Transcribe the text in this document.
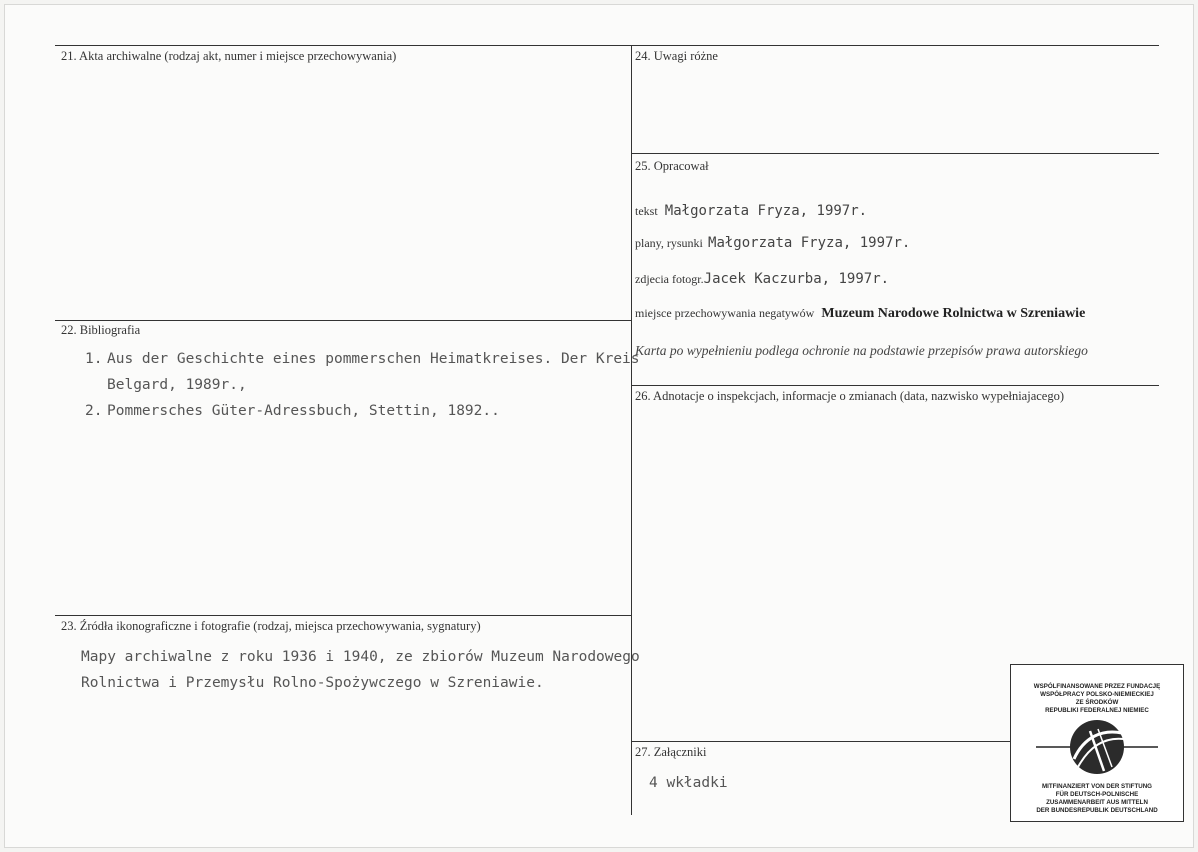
21. Akta archiwalne (rodzaj akt, numer i miejsce przechowywania)
22. Bibliografia
1. Aus der Geschichte eines pommerschen Heimatkreises. Der Kreis
Belgard, 1989r.,
2. Pommersches Güter-Adressbuch, Stettin, 1892..
23. Źródła ikonograficzne i fotografie (rodzaj, miejsca przechowywania, sygnatury)
Mapy archiwalne z roku 1936 i 1940, ze zbiorów Muzeum Narodowego
Rolnictwa i Przemysłu Rolno-Spożywczego w Szreniawie.
24. Uwagi różne
25. Opracował
tekst Małgorzata Fryza, 1997r.
plany, rysunki Małgorzata Fryza, 1997r.
zdjecia fotogr.Jacek Kaczurba, 1997r.
miejsce przechowywania negatywów Muzeum Narodowe Rolnictwa w Szreniawie
Karta po wypełnieniu podlega ochronie na podstawie przepisów prawa autorskiego
26. Adnotacje o inspekcjach, informacje o zmianach (data, nazwisko wypełniajacego)
27. Załączniki
4 wkładki
WSPÓLFINANSOWANE PRZEZ FUNDACJĘ
WSPÓŁPRACY POLSKO-NIEMIECKIEJ
ZE ŚRODKÓW
REPUBLIKI FEDERALNEJ NIEMIEC
MITFINANZIERT VON DER STIFTUNG
FÜR DEUTSCH-POLNISCHE
ZUSAMMENARBEIT AUS MITTELN
DER BUNDESREPUBLIK DEUTSCHLAND
